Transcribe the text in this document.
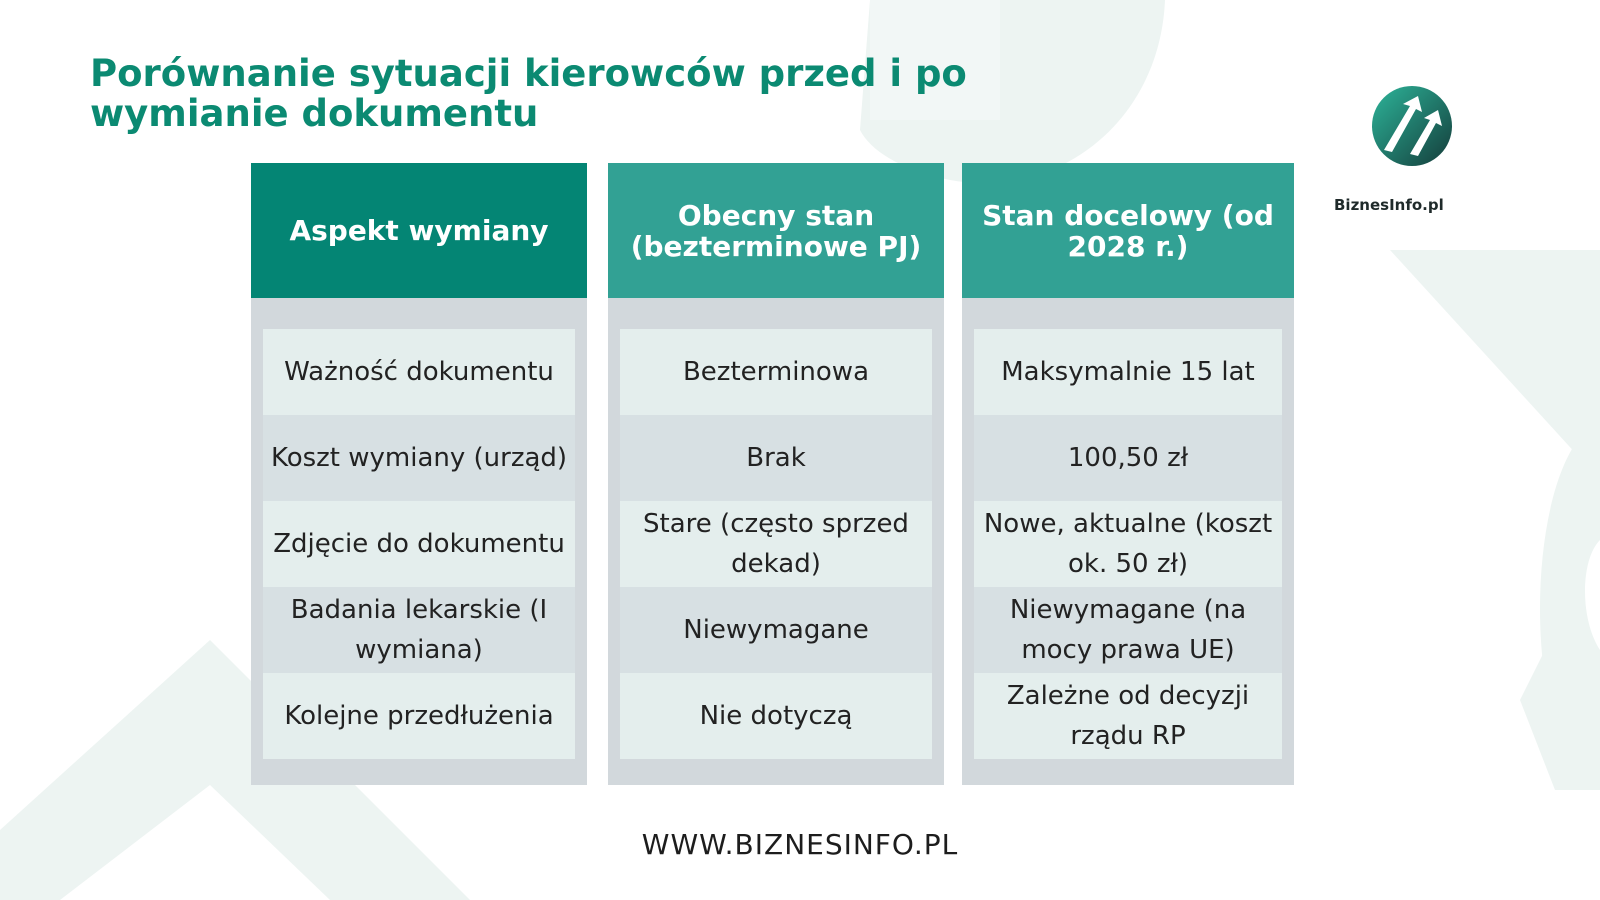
Porównanie sytuacji kierowców przed i po wymianie dokumentu
BiznesInfo.pl
Aspekt wymiany
Ważność dokumentu
Koszt wymiany (urząd)
Zdjęcie do dokumentu
Badania lekarskie (I wymiana)
Kolejne przedłużenia
Obecny stan (bezterminowe PJ)
Bezterminowa
Brak
Stare (często sprzed dekad)
Niewymagane
Nie dotyczą
Stan docelowy (od 2028 r.)
Maksymalnie 15 lat
100,50 zł
Nowe, aktualne (koszt ok. 50 zł)
Niewymagane (na mocy prawa UE)
Zależne od decyzji rządu RP
WWW.BIZNESINFO.PL
